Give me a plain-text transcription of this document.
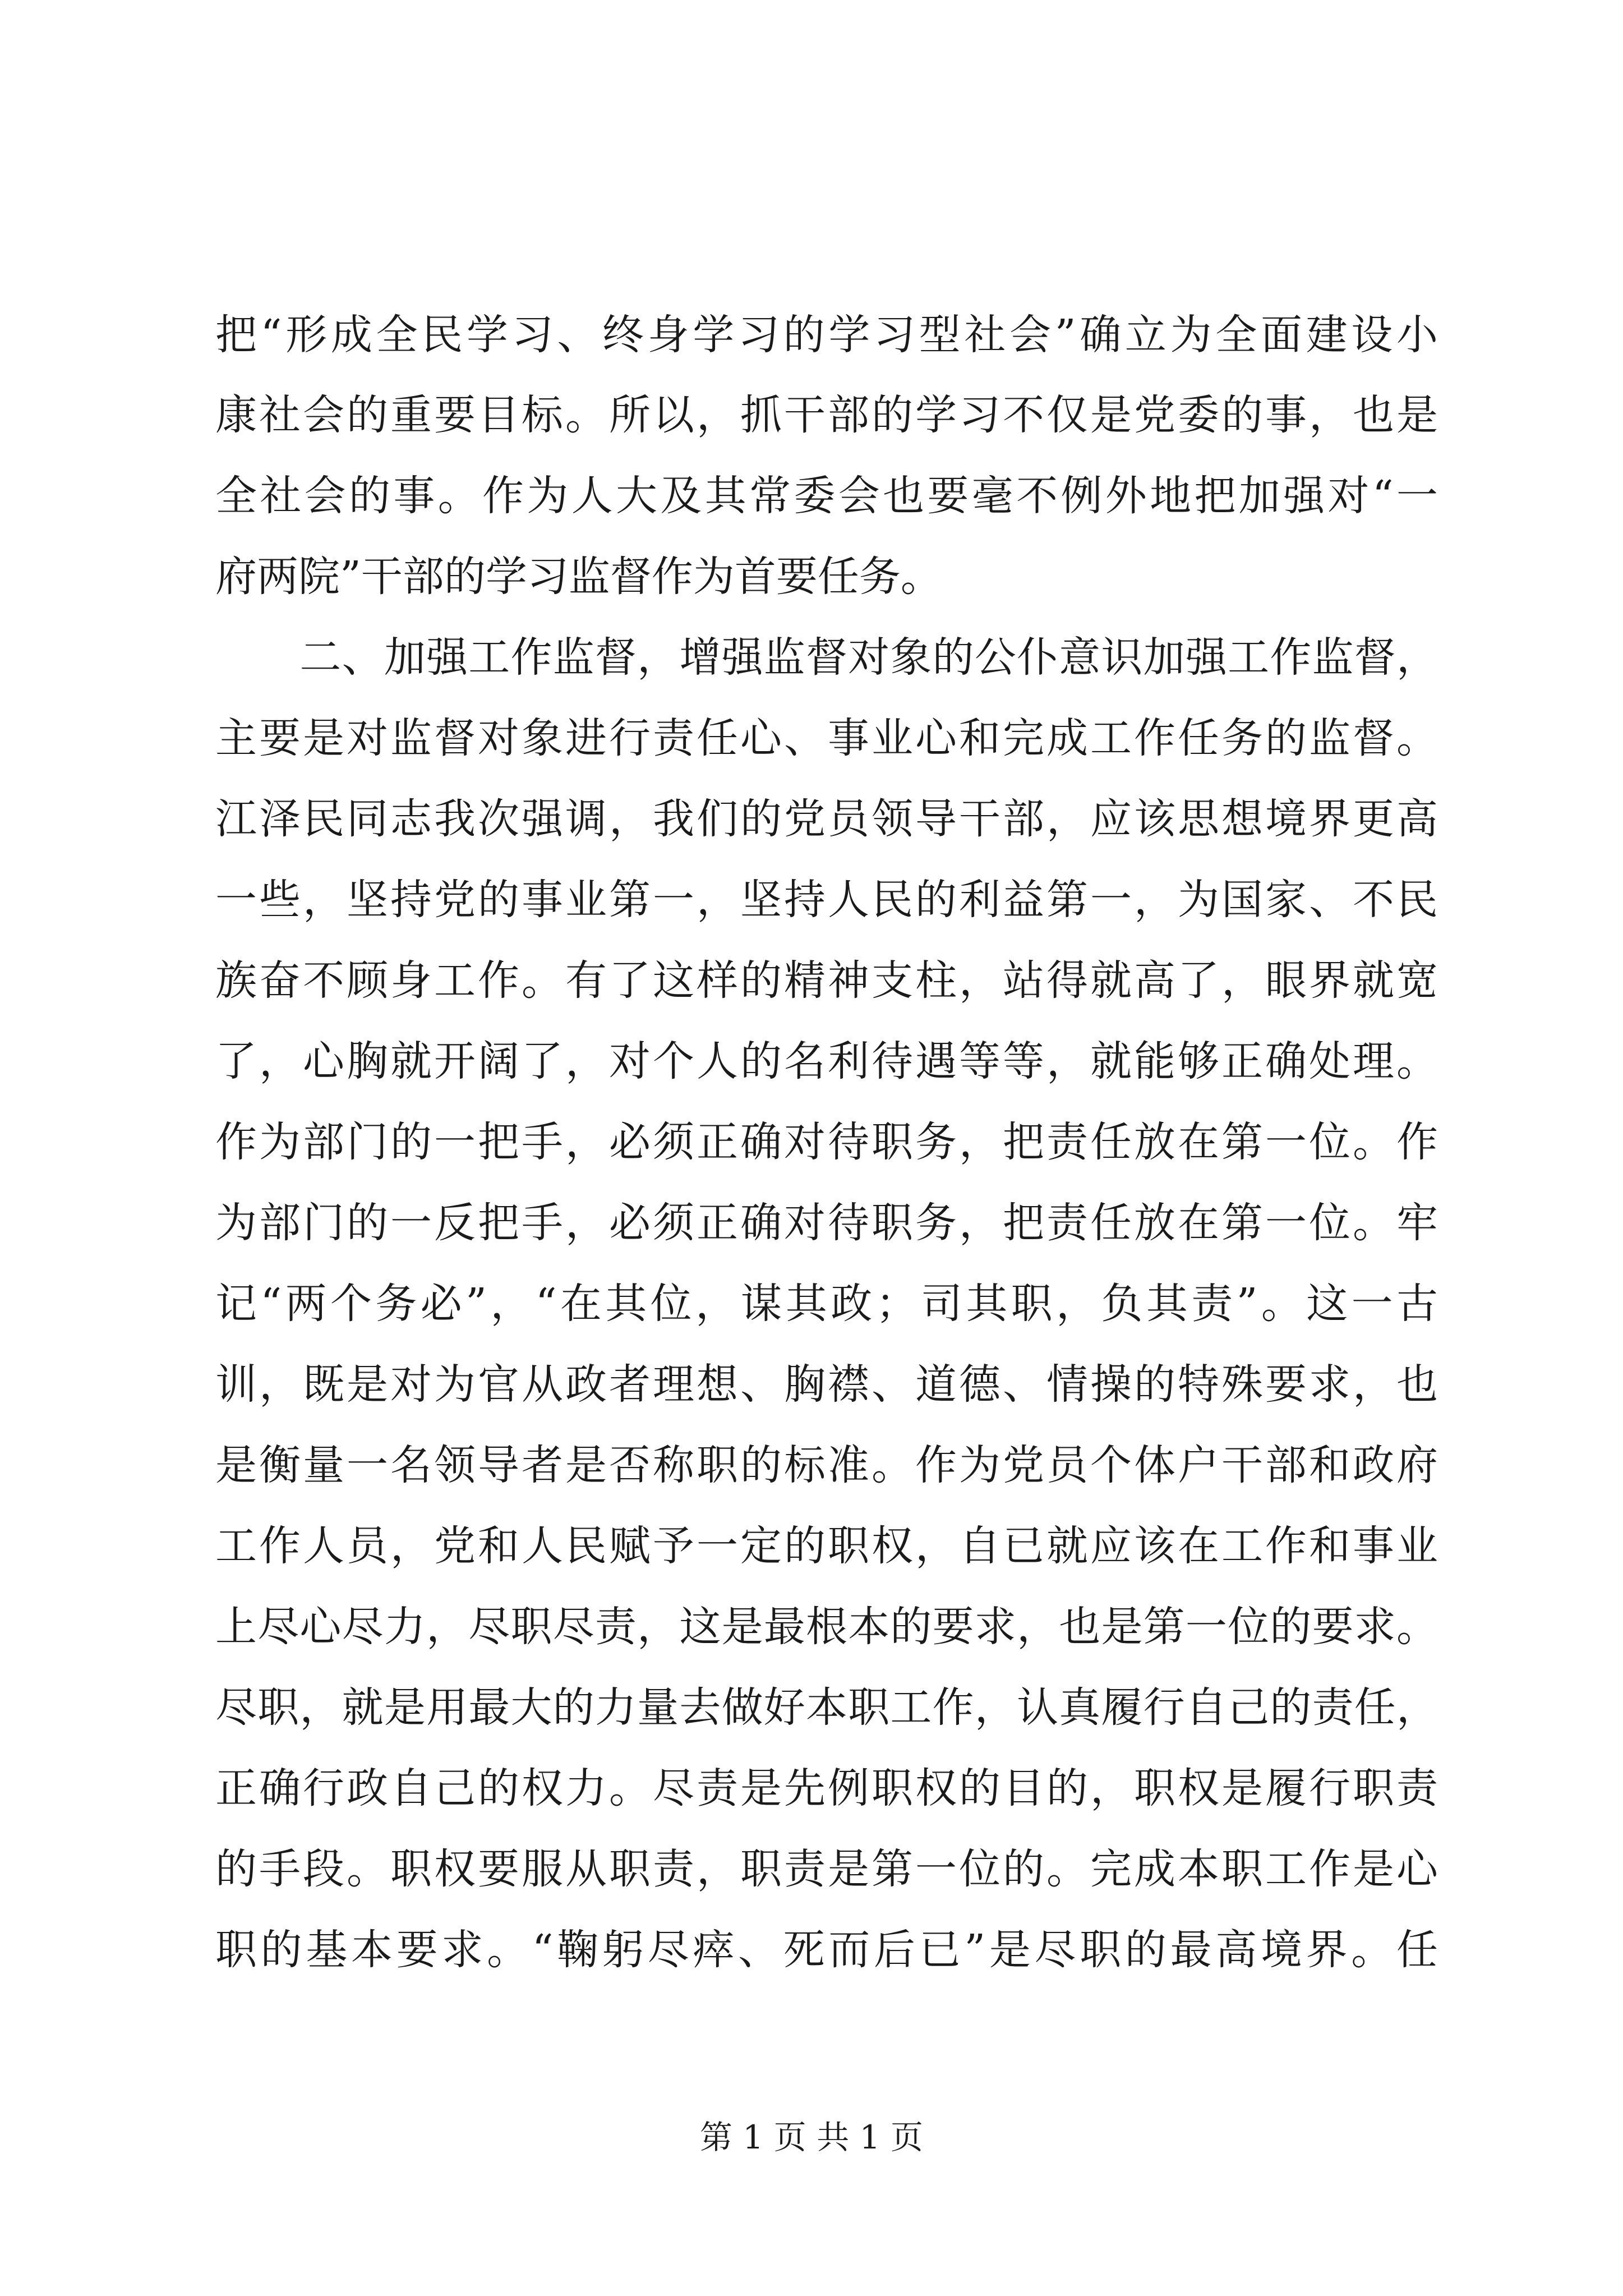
把“形成全民学习、终身学习的学习型社会”确立为全面建设小
康社会的重要目标。所以，抓干部的学习不仅是党委的事，也是
全社会的事。作为人大及其常委会也要毫不例外地把加强对“一
府两院”干部的学习监督作为首要任务。
　　二、加强工作监督，增强监督对象的公仆意识加强工作监督，
主要是对监督对象进行责任心、事业心和完成工作任务的监督。
江泽民同志我次强调，我们的党员领导干部，应该思想境界更高
一些，坚持党的事业第一，坚持人民的利益第一，为国家、不民
族奋不顾身工作。有了这样的精神支柱，站得就高了，眼界就宽
了，心胸就开阔了，对个人的名利待遇等等，就能够正确处理。
作为部门的一把手，必须正确对待职务，把责任放在第一位。作
为部门的一反把手，必须正确对待职务，把责任放在第一位。牢
记“两个务必”，“在其位，谋其政；司其职，负其责”。这一古
训，既是对为官从政者理想、胸襟、道德、情操的特殊要求，也
是衡量一名领导者是否称职的标准。作为党员个体户干部和政府
工作人员，党和人民赋予一定的职权，自已就应该在工作和事业
上尽心尽力，尽职尽责，这是最根本的要求，也是第一位的要求。
尽职，就是用最大的力量去做好本职工作，认真履行自己的责任，
正确行政自己的权力。尽责是先例职权的目的，职权是履行职责
的手段。职权要服从职责，职责是第一位的。完成本职工作是心
职的基本要求。“鞠躬尽瘁、死而后已”是尽职的最高境界。任
第 1 页 共 1 页
